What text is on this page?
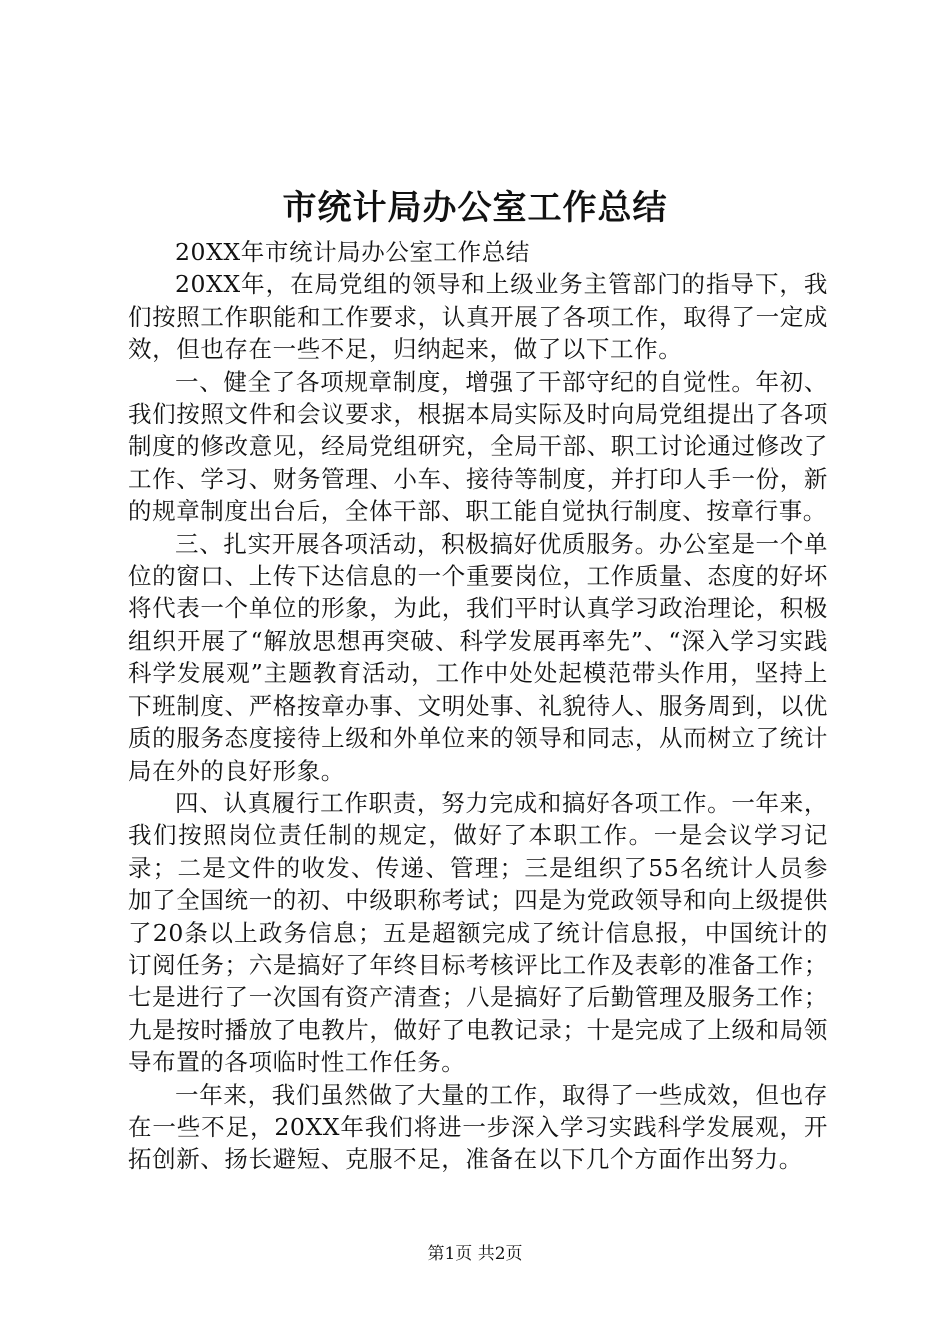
市统计局办公室工作总结

20XX年市统计局办公室工作总结

20XX年，在局党组的领导和上级业务主管部门的指导下，我们按照工作职能和工作要求，认真开展了各项工作，取得了一定成效，但也存在一些不足，归纳起来，做了以下工作。

一、健全了各项规章制度，增强了干部守纪的自觉性。年初、我们按照文件和会议要求，根据本局实际及时向局党组提出了各项制度的修改意见，经局党组研究，全局干部、职工讨论通过修改了工作、学习、财务管理、小车、接待等制度，并打印人手一份，新的规章制度出台后，全体干部、职工能自觉执行制度、按章行事。

三、扎实开展各项活动，积极搞好优质服务。办公室是一个单位的窗口、上传下达信息的一个重要岗位，工作质量、态度的好坏将代表一个单位的形象，为此，我们平时认真学习政治理论，积极组织开展了“解放思想再突破、科学发展再率先”、“深入学习实践科学发展观”主题教育活动，工作中处处起模范带头作用，坚持上下班制度、严格按章办事、文明处事、礼貌待人、服务周到，以优质的服务态度接待上级和外单位来的领导和同志，从而树立了统计局在外的良好形象。

四、认真履行工作职责，努力完成和搞好各项工作。一年来，我们按照岗位责任制的规定，做好了本职工作。一是会议学习记录；二是文件的收发、传递、管理；三是组织了55名统计人员参加了全国统一的初、中级职称考试；四是为党政领导和向上级提供了20条以上政务信息；五是超额完成了统计信息报，中国统计的订阅任务；六是搞好了年终目标考核评比工作及表彰的准备工作；七是进行了一次国有资产清查；八是搞好了后勤管理及服务工作；九是按时播放了电教片，做好了电教记录；十是完成了上级和局领导布置的各项临时性工作任务。

一年来，我们虽然做了大量的工作，取得了一些成效，但也存在一些不足，20XX年我们将进一步深入学习实践科学发展观，开拓创新、扬长避短、克服不足，准备在以下几个方面作出努力。

第1页 共2页
